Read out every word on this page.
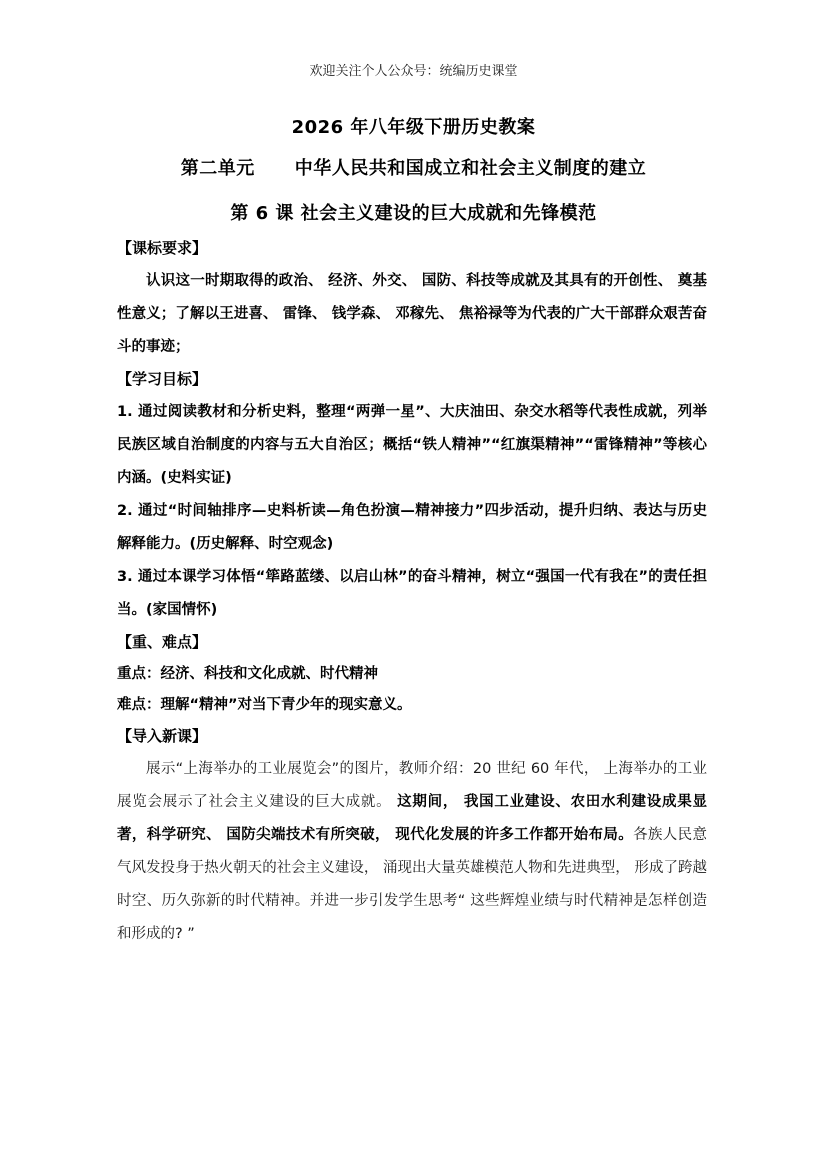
欢迎关注个人公众号：统编历史课堂
2026 年八年级下册历史教案
第二单元 中华人民共和国成立和社会主义制度的建立
第 6 课 社会主义建设的巨大成就和先锋模范
【课标要求】

认识这一时期取得的政治、 经济、外交、 国防、科技等成就及其具有的开创性、 奠基性意义；了解以王进喜、 雷锋、 钱学森、 邓稼先、 焦裕禄等为代表的广大干部群众艰苦奋斗的事迹；

【学习目标】

1. 通过阅读教材和分析史料，整理“两弹一星”、大庆油田、杂交水稻等代表性成就，列举民族区域自治制度的内容与五大自治区；概括“铁人精神”“红旗渠精神”“雷锋精神”等核心内涵。(史料实证)

2. 通过“时间轴排序—史料析读—角色扮演—精神接力”四步活动，提升归纳、表达与历史解释能力。(历史解释、时空观念)

3. 通过本课学习体悟“筚路蓝缕、以启山林”的奋斗精神，树立“强国一代有我在”的责任担当。(家国情怀)

【重、难点】

重点：经济、科技和文化成就、时代精神

难点：理解“精神”对当下青少年的现实意义。

【导入新课】

展示“上海举办的工业展览会”的图片，教师介绍：20 世纪 60 年代， 上海举办的工业展览会展示了社会主义建设的巨大成就。 这期间， 我国工业建设、农田水利建设成果显著，科学研究、 国防尖端技术有所突破， 现代化发展的许多工作都开始布局。各族人民意气风发投身于热火朝天的社会主义建设， 涌现出大量英雄模范人物和先进典型， 形成了跨越时空、历久弥新的时代精神。并进一步引发学生思考“ 这些辉煌业绩与时代精神是怎样创造和形成的? ”
